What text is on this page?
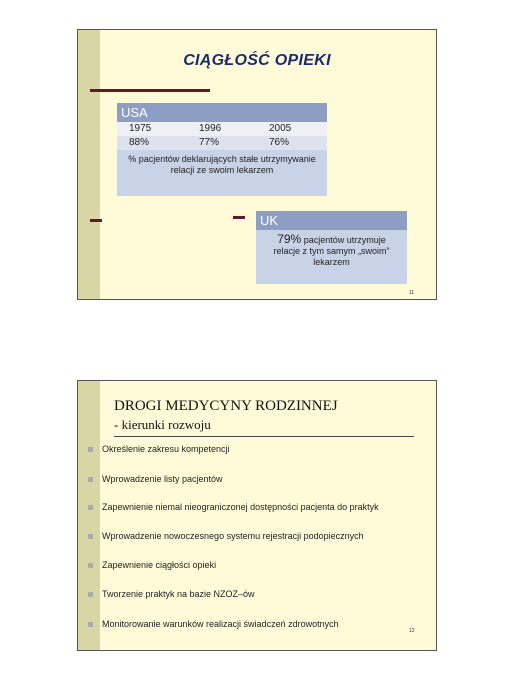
CIĄGŁOŚĆ OPIEKI
USA
1975	1996	2005
88%	77%	76%
% pacjentów deklarujących stałe utrzymywanie relacji ze swoim lekarzem
UK
79% pacjentów utrzymuje
relacje z tym samym „swoim” lekarzem
11
DROGI MEDYCYNY RODZINNEJ
- kierunki rozwoju
Określenie zakresu kompetencji
Wprowadzenie listy pacjentów
Zapewnienie niemal nieograniczonej dostępności pacjenta do praktyk
Wprowadzenie nowoczesnego systemu rejestracji podopiecznych
Zapewnienie ciągłości opieki
Tworzenie praktyk na bazie NZOZ–ów
Monitorowanie warunków realizacji świadczeń zdrowotnych
12
